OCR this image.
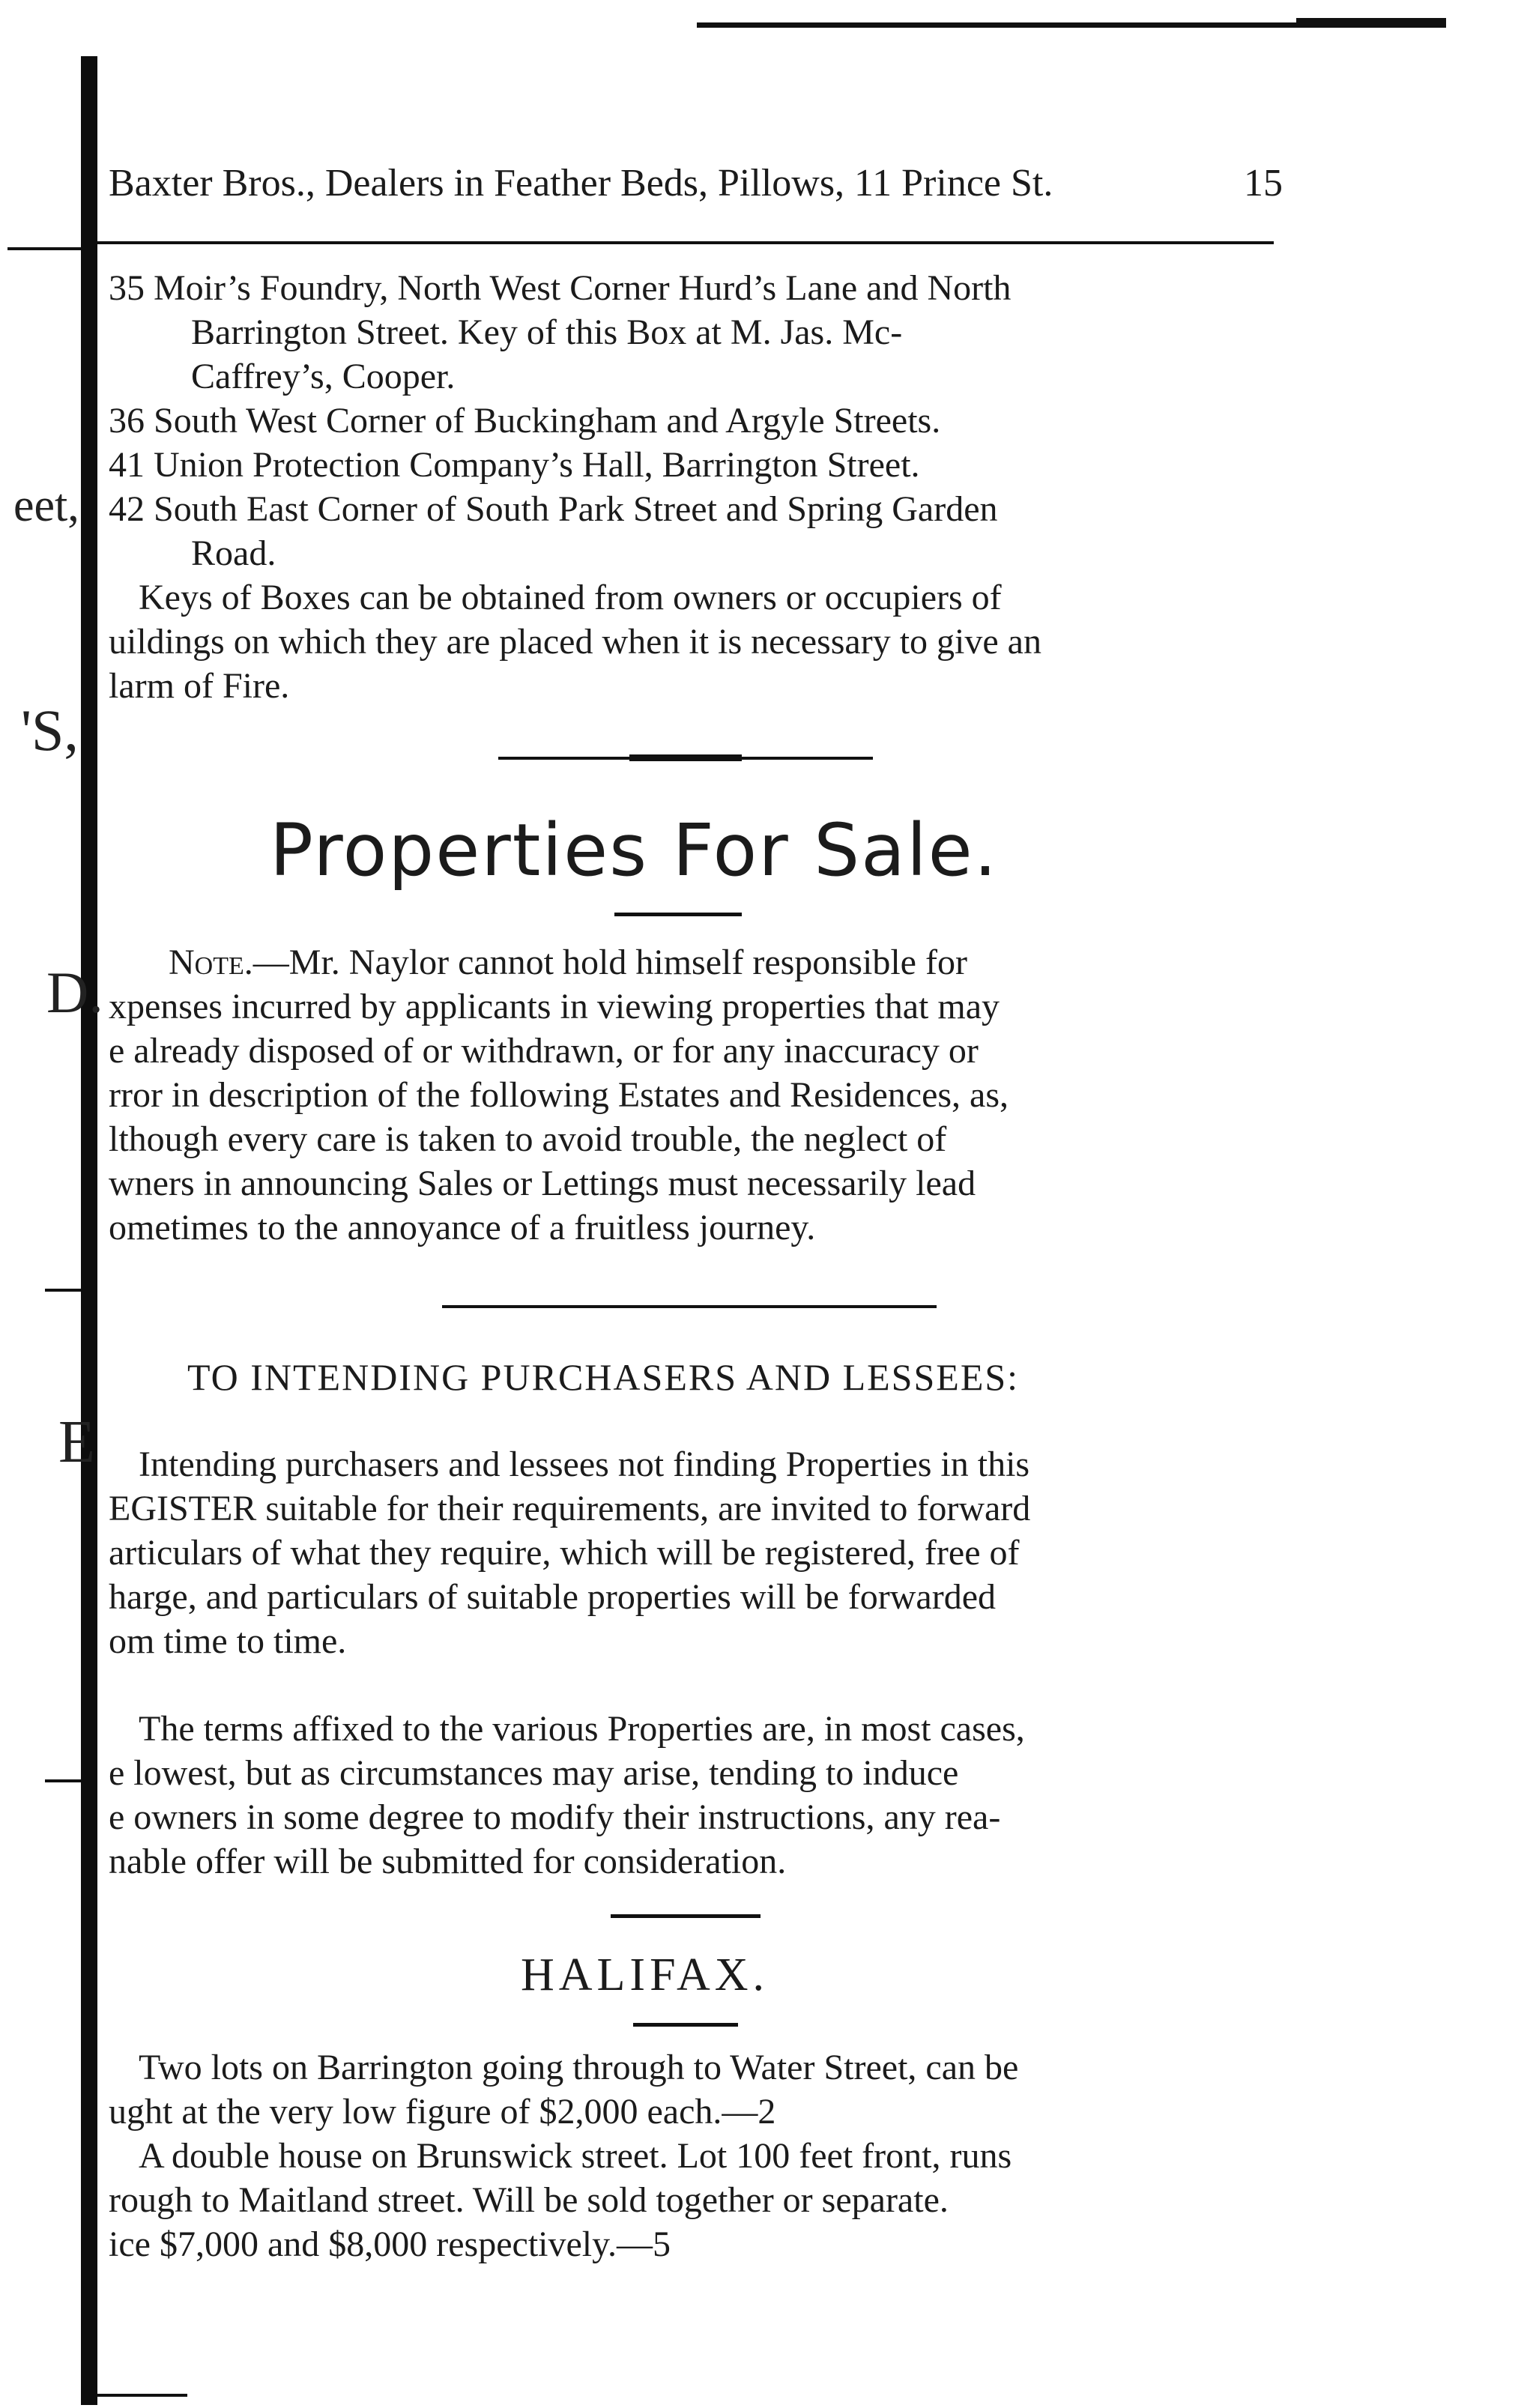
eet,
'S,
D.
E
Baxter Bros., Dealers in Feather Beds, Pillows, 11 Prince St.	15

35 Moir’s Foundry, North West Corner Hurd’s Lane and North

Barrington Street. Key of this Box at M. Jas. Mc-

Caffrey’s, Cooper.

36 South West Corner of Buckingham and Argyle Streets.

41 Union Protection Company’s Hall, Barrington Street.

42 South East Corner of South Park Street and Spring Garden

Road.

Keys of Boxes can be obtained from owners or occupiers of

uildings on which they are placed when it is necessary to give an

larm of Fire.

Properties For Sale.

Note.—Mr. Naylor cannot hold himself responsible for

xpenses incurred by applicants in viewing properties that may

e already disposed of or withdrawn, or for any inaccuracy or

rror in description of the following Estates and Residences, as,

lthough every care is taken to avoid trouble, the neglect of

wners in announcing Sales or Lettings must necessarily lead

ometimes to the annoyance of a fruitless journey.

TO INTENDING PURCHASERS AND LESSEES:

Intending purchasers and lessees not finding Properties in this

EGISTER suitable for their requirements, are invited to forward

articulars of what they require, which will be registered, free of

harge, and particulars of suitable properties will be forwarded

om time to time.

The terms affixed to the various Properties are, in most cases,

e lowest, but as circumstances may arise, tending to induce

e owners in some degree to modify their instructions, any rea-

nable offer will be submitted for consideration.

HALIFAX.

Two lots on Barrington going through to Water Street, can be

ught at the very low figure of $2,000 each.—2

A double house on Brunswick street. Lot 100 feet front, runs

rough to Maitland street. Will be sold together or separate.

ice $7,000 and $8,000 respectively.—5
